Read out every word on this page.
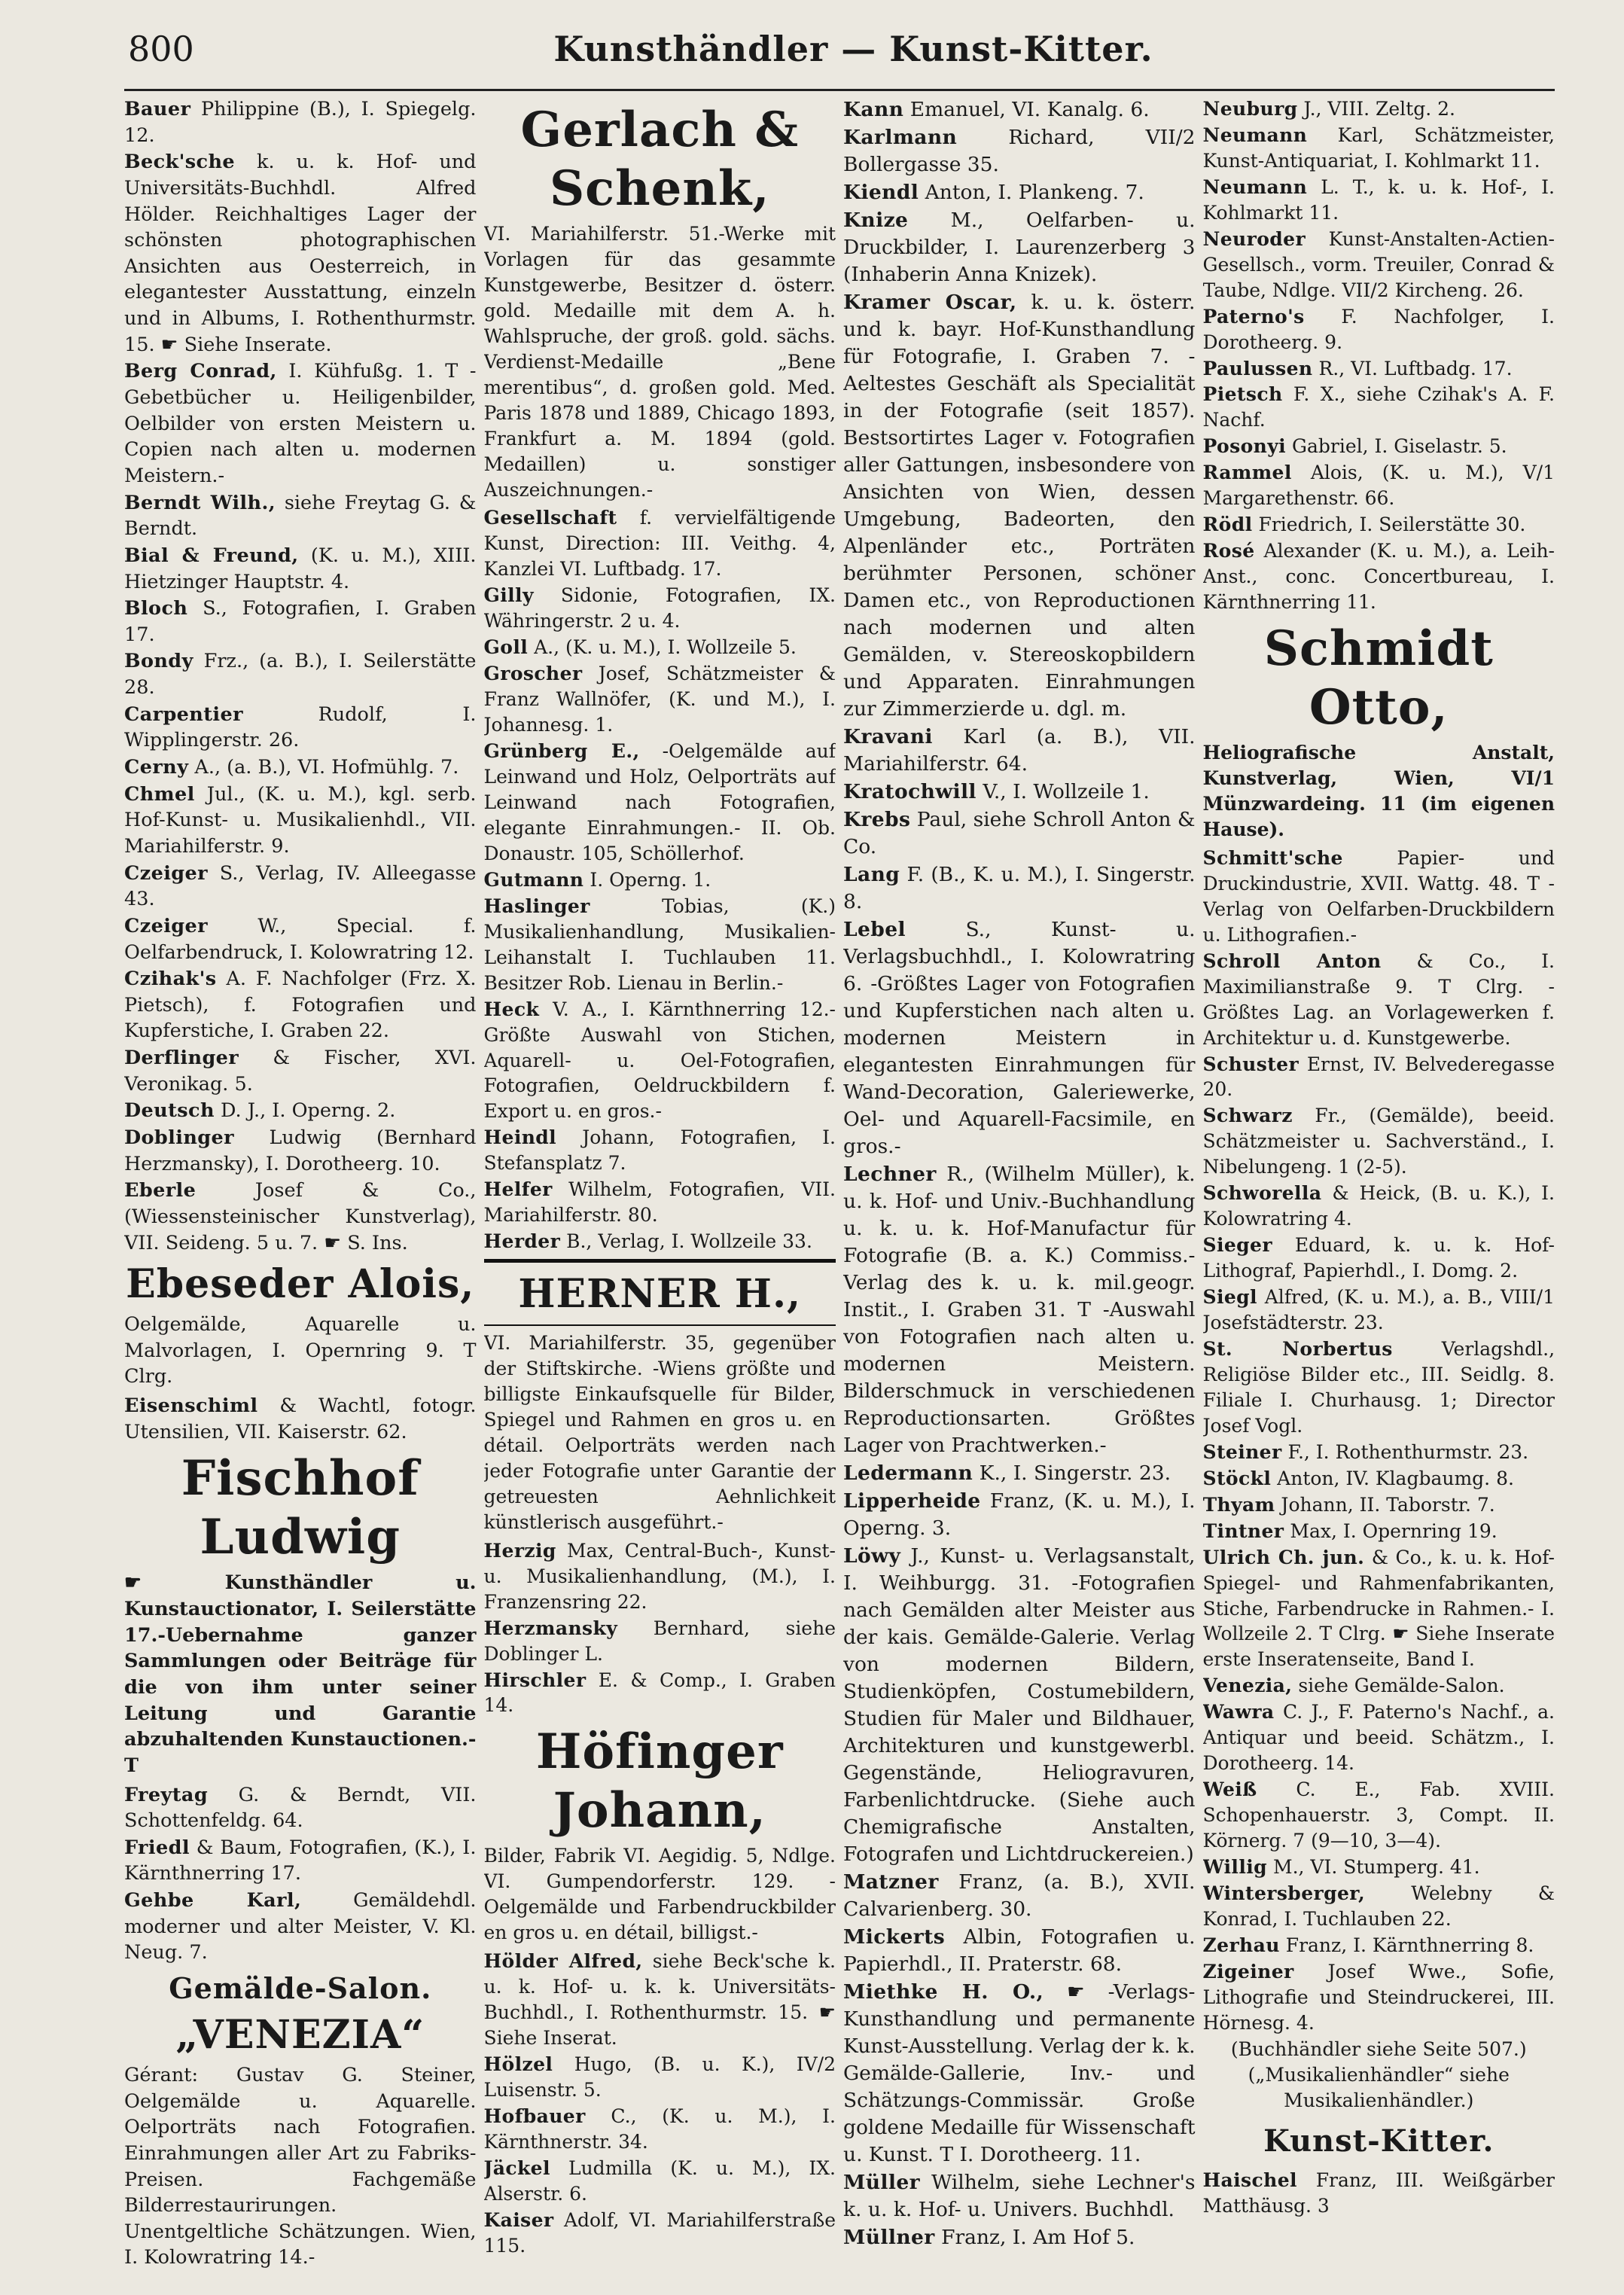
800	Kunsthändler — Kunst-Kitter.
Bauer Philippine (B.), I. Spiegelg. 12.
Beck'sche k. u. k. Hof- und Universitäts-Buchhdl. Alfred Hölder. Reichhaltiges Lager der schönsten photographischen Ansichten aus Oesterreich, in elegantester Ausstattung, einzeln und in Albums, I. Rothenthurmstr. 15. ☛ Siehe Inserate.
Berg Conrad, I. Kühfußg. 1. T -Gebetbücher u. Heiligenbilder, Oelbilder von ersten Meistern u. Copien nach alten u. modernen Meistern.-
Berndt Wilh., siehe Freytag G. & Berndt.
Bial & Freund, (K. u. M.), XIII. Hietzinger Hauptstr. 4.
Bloch S., Fotografien, I. Graben 17.
Bondy Frz., (a. B.), I. Seilerstätte 28.
Carpentier	Rudolf, I. Wipplingerstr. 26.
Cerny A., (a. B.), VI. Hofmühlg. 7.
Chmel Jul., (K. u. M.), kgl. serb. Hof-Kunst- u. Musikalienhdl., VII. Mariahilferstr. 9.
Czeiger S., Verlag, IV. Alleegasse 43.
Czeiger	W., Special. f. Oelfarbendruck, I. Kolowratring 12.
Czihak's A. F. Nachfolger (Frz. X. Pietsch), f. Fotografien und Kupferstiche, I. Graben 22.
Derflinger & Fischer, XVI. Veronikag. 5.
Deutsch D. J., I. Operng. 2.
Doblinger Ludwig (Bernhard Herzmansky), I. Dorotheerg. 10.
Eberle	Josef & Co., (Wiessensteinischer Kunstverlag), VII. Seideng. 5 u. 7. ☛ S. Ins.
Ebeseder Alois,
Oelgemälde, Aquarelle u. Malvorlagen, I. Opernring 9. T Clrg.
Eisenschiml & Wachtl, fotogr. Utensilien, VII. Kaiserstr. 62.
Fischhof Ludwig
☛ Kunsthändler u. Kunstauctionator, I. Seilerstätte 17.-Uebernahme ganzer Sammlungen oder Beiträge für die von ihm unter seiner Leitung und Garantie abzuhaltenden Kunstauctionen.- T
Freytag G. & Berndt, VII. Schottenfeldg. 64.
Friedl & Baum, Fotografien, (K.), I. Kärnthnerring 17.
Gehbe Karl,	Gemäldehdl. moderner und alter Meister, V. Kl. Neug. 7.
Gemälde-Salon.
„VENEZIA“
Gérant: Gustav G. Steiner, Oelgemälde u. Aquarelle. Oelporträts nach Fotografien. Einrahmungen aller Art zu Fabriks-Preisen. Fachgemäße Bilderrestaurirungen. Unentgeltliche Schätzungen. Wien, I. Kolowratring 14.-
Gerlach & Schenk,
VI. Mariahilferstr. 51.-Werke mit Vorlagen für das gesammte Kunstgewerbe, Besitzer d. österr. gold. Medaille mit dem A. h. Wahlspruche, der groß. gold. sächs. Verdienst-Medaille „Bene merentibus“, d. großen gold. Med. Paris 1878 und 1889, Chicago 1893, Frankfurt a. M. 1894 (gold. Medaillen) u. sonstiger Auszeichnungen.-
Gesellschaft f. vervielfältigende Kunst, Direction: III. Veithg. 4, Kanzlei VI. Luftbadg. 17.
Gilly Sidonie, Fotografien, IX. Währingerstr. 2 u. 4.
Goll A., (K. u. M.), I. Wollzeile 5.
Groscher Josef, Schätzmeister & Franz Wallnöfer, (K. und M.), I. Johannesg. 1.
Grünberg E., -Oelgemälde auf Leinwand und Holz, Oelporträts auf Leinwand nach Fotografien, elegante Einrahmungen.- II. Ob. Donaustr. 105, Schöllerhof.
Gutmann I. Operng. 1.
Haslinger	Tobias, (K.) Musikalienhandlung, Musikalien-Leihanstalt I. Tuchlauben 11. Besitzer Rob. Lienau in Berlin.-
Heck V. A., I. Kärnthnerring 12.- Größte Auswahl von Stichen, Aquarell- u. Oel-Fotografien, Fotografien, Oeldruckbildern f. Export u. en gros.-
Heindl Johann, Fotografien, I. Stefansplatz 7.
Helfer Wilhelm, Fotografien, VII. Mariahilferstr. 80.
Herder B., Verlag, I. Wollzeile 33.
HERNER H.,
VI. Mariahilferstr. 35, gegenüber der Stiftskirche. -Wiens größte und billigste Einkaufsquelle für Bilder, Spiegel und Rahmen en gros u. en détail. Oelporträts werden nach jeder Fotografie unter Garantie der getreuesten Aehnlichkeit künstlerisch ausgeführt.-
Herzig Max, Central-Buch-, Kunst- u. Musikalienhandlung, (M.), I. Franzensring 22.
Herzmansky Bernhard, siehe Doblinger L.
Hirschler E. & Comp., I. Graben 14.
Höfinger Johann,
Bilder, Fabrik VI. Aegidig. 5, Ndlge. VI. Gumpendorferstr. 129. -Oelgemälde und Farbendruckbilder en gros u. en détail, billigst.-
Hölder Alfred, siehe Beck'sche k. u. k. Hof- u. k. k. Universitäts-Buchhdl., I. Rothenthurmstr. 15. ☛ Siehe Inserat.
Hölzel Hugo, (B. u. K.), IV/2 Luisenstr. 5.
Hofbauer C., (K. u. M.), I. Kärnthnerstr. 34.
Jäckel Ludmilla (K. u. M.), IX. Alserstr. 6.
Kaiser Adolf, VI. Mariahilferstraße 115.
Kann Emanuel, VI. Kanalg. 6.
Karlmann	Richard, VII/2 Bollergasse 35.
Kiendl Anton, I. Plankeng. 7.
Knize M., Oelfarben- u. Druckbilder, I. Laurenzerberg 3 (Inhaberin Anna Knizek).
Kramer Oscar, k. u. k. österr. und k. bayr. Hof-Kunsthandlung für Fotografie, I. Graben 7. -Aeltestes Geschäft als Specialität in der Fotografie (seit 1857). Bestsortirtes Lager v. Fotografien aller Gattungen, insbesondere von Ansichten von Wien, dessen Umgebung, Badeorten, den Alpenländer etc., Porträten berühmter Personen, schöner Damen etc., von Reproductionen nach modernen und alten Gemälden, v. Stereoskopbildern und Apparaten. Einrahmungen zur Zimmerzierde u. dgl. m.
Kravani Karl (a. B.), VII. Mariahilferstr. 64.
Kratochwill V., I. Wollzeile 1.
Krebs Paul, siehe Schroll Anton & Co.
Lang F. (B., K. u. M.), I. Singerstr. 8.
Lebel	S., Kunst- u. Verlagsbuchhdl., I. Kolowratring 6. -Größtes Lager von Fotografien und Kupferstichen nach alten u. modernen Meistern in elegantesten Einrahmungen für Wand-Decoration, Galeriewerke, Oel- und Aquarell-Facsimile, en gros.-
Lechner R., (Wilhelm Müller), k. u. k. Hof- und Univ.-Buchhandlung u. k. u. k. Hof-Manufactur für Fotografie (B. a. K.) Commiss.-Verlag des k. u. k. mil.geogr. Instit., I. Graben 31. T -Auswahl von Fotografien nach alten u. modernen Meistern. Bilderschmuck in verschiedenen Reproductionsarten. Größtes Lager von Prachtwerken.-
Ledermann K., I. Singerstr. 23.
Lipperheide Franz, (K. u. M.), I. Operng. 3.
Löwy J., Kunst- u. Verlagsanstalt, I. Weihburgg. 31. -Fotografien nach Gemälden alter Meister aus der kais. Gemälde-Galerie. Verlag von modernen Bildern, Studienköpfen, Costumebildern, Studien für Maler und Bildhauer, Architekturen und kunstgewerbl. Gegenstände, Heliogravuren, Farbenlichtdrucke. (Siehe auch Chemigrafische Anstalten, Fotografen und Lichtdruckereien.)
Matzner Franz, (a. B.), XVII. Calvarienberg. 30.
Mickerts Albin, Fotografien u. Papierhdl., II. Praterstr. 68.
Miethke H. O., ☛ -Verlags-Kunsthandlung und permanente Kunst-Ausstellung. Verlag der k. k. Gemälde-Gallerie, Inv.- und Schätzungs-Commissär. Große goldene Medaille für Wissenschaft u. Kunst. T I. Dorotheerg. 11.
Müller Wilhelm, siehe Lechner's k. u. k. Hof- u. Univers. Buchhdl.
Müllner Franz, I. Am Hof 5.
Neuburg J., VIII. Zeltg. 2.
Neumann Karl, Schätzmeister, Kunst-Antiquariat, I. Kohlmarkt 11.
Neumann L. T., k. u. k. Hof-, I. Kohlmarkt 11.
Neuroder Kunst-Anstalten-Actien-Gesellsch., vorm. Treuiler, Conrad & Taube, Ndlge. VII/2 Kircheng. 26.
Paterno's F. Nachfolger, I. Dorotheerg. 9.
Paulussen R., VI. Luftbadg. 17.
Pietsch F. X., siehe Czihak's A. F. Nachf.
Posonyi Gabriel, I. Giselastr. 5.
Rammel Alois, (K. u. M.), V/1 Margarethenstr. 66.
Rödl Friedrich, I. Seilerstätte 30.
Rosé Alexander (K. u. M.), a. Leih-Anst., conc. Concertbureau, I. Kärnthnerring 11.
Schmidt Otto,
Heliografische Anstalt, Kunstverlag, Wien, VI/1 Münzwardeing. 11 (im eigenen Hause).
Schmitt'sche	Papier- und Druckindustrie, XVII. Wattg. 48. T -Verlag von Oelfarben-Druckbildern u. Lithografien.-
Schroll Anton & Co., I. Maximilianstraße 9. T Clrg. -Größtes Lag. an Vorlagewerken f. Architektur u. d. Kunstgewerbe.
Schuster Ernst, IV. Belvederegasse 20.
Schwarz Fr., (Gemälde), beeid. Schätzmeister u. Sachverständ., I. Nibelungeng. 1 (2-5).
Schworella & Heick, (B. u. K.), I. Kolowratring 4.
Sieger Eduard, k. u. k. Hof-Lithograf, Papierhdl., I. Domg. 2.
Siegl Alfred, (K. u. M.), a. B., VIII/1 Josefstädterstr. 23.
St. Norbertus	Verlagshdl., Religiöse Bilder etc., III. Seidlg. 8. Filiale I. Churhausg. 1; Director Josef Vogl.
Steiner F., I. Rothenthurmstr. 23.
Stöckl Anton, IV. Klagbaumg. 8.
Thyam Johann, II. Taborstr. 7.
Tintner Max, I. Opernring 19.
Ulrich Ch. jun. & Co., k. u. k. Hof-Spiegel- und Rahmenfabrikanten, Stiche, Farbendrucke in Rahmen.- I. Wollzeile 2. T Clrg. ☛ Siehe Inserate erste Inseratenseite, Band I.
Venezia, siehe Gemälde-Salon.
Wawra C. J., F. Paterno's Nachf., a. Antiquar und beeid. Schätzm., I. Dorotheerg. 14.
Weiß C. E., Fab. XVIII. Schopenhauerstr. 3, Compt. II. Körnerg. 7 (9—10, 3—4).
Willig M., VI. Stumperg. 41.
Wintersberger, Welebny & Konrad, I. Tuchlauben 22.
Zerhau Franz, I. Kärnthnerring 8.
Zigeiner Josef Wwe., Sofie, Lithografie und Steindruckerei, III. Hörnesg. 4.
(Buchhändler siehe Seite 507.)
(„Musikalienhändler“ siehe Musikalienhändler.)
Kunst-Kitter.
Haischel Franz, III. Weißgärber Matthäusg. 3
